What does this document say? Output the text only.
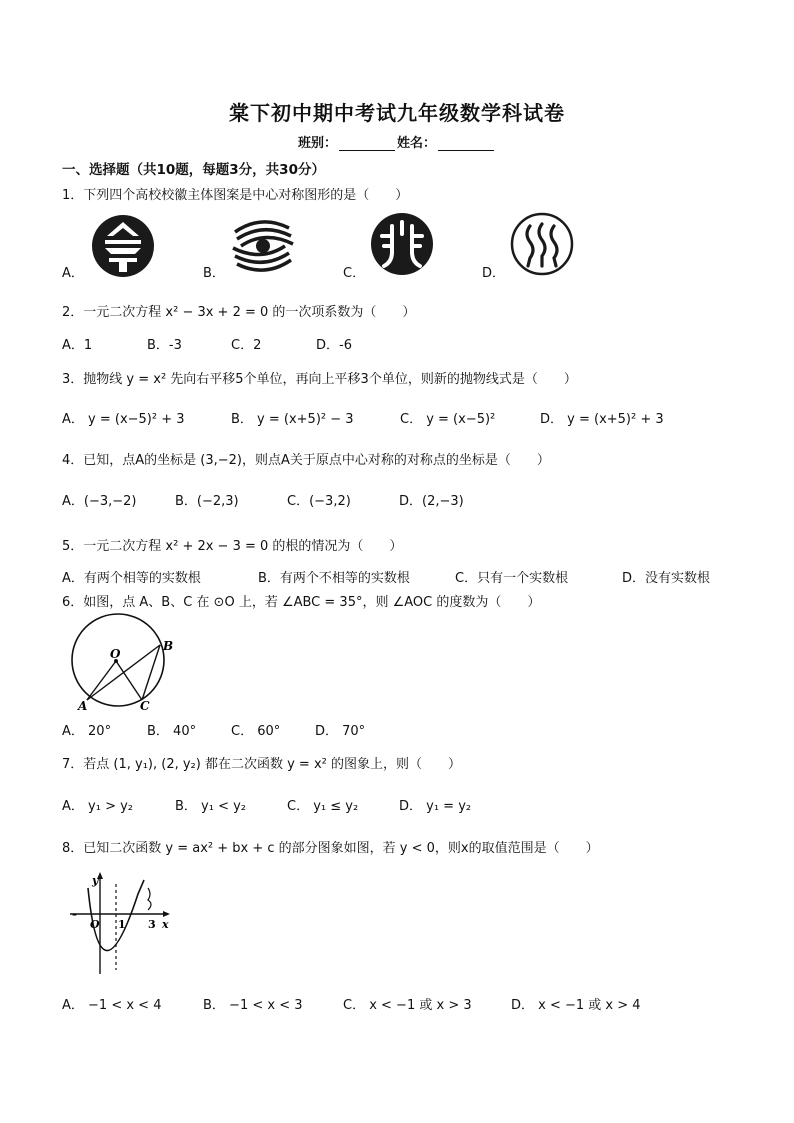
棠下初中期中考试九年级数学科试卷
班别：	姓名：
一、选择题（共10题，每题3分，共30分）
1．下列四个高校校徽主体图案是中心对称图形的是（　　）
A．	B．	C．	D．
2．一元二次方程 x² − 3x + 2 = 0 的一次项系数为（　　）
A．1	B．-3	C．2	D．-6
3．抛物线 y = x² 先向右平移5个单位，再向上平移3个单位，则新的抛物线式是（　　）
A． y = (x−5)² + 3	B． y = (x+5)² − 3	C． y = (x−5)²	D． y = (x+5)² + 3
4．已知，点A的坐标是 (3,−2)，则点A关于原点中心对称的对称点的坐标是（　　）
A．(−3,−2)	B．(−2,3)	C．(−3,2)	D．(2,−3)
5．一元二次方程 x² + 2x − 3 = 0 的根的情况为（　　）
A．有两个相等的实数根	B．有两个不相等的实数根	C．只有一个实数根	D．没有实数根
6．如图，点 A、B、C 在 ⊙O 上，若 ∠ABC = 35°，则 ∠AOC 的度数为（　　）
O
A
B
C
A． 20°	B． 40°	C． 60°	D． 70°
7．若点 (1, y₁), (2, y₂) 都在二次函数 y = x² 的图象上，则（　　）
A． y₁ > y₂	B． y₁ < y₂	C． y₁ ≤ y₂	D． y₁ = y₂
8．已知二次函数 y = ax² + bx + c 的部分图象如图，若 y < 0，则x的取值范围是（　　）
y
O 1 3 x
-
A． −1 < x < 4	B． −1 < x < 3	C． x < −1 或 x > 3	D． x < −1 或 x > 4
